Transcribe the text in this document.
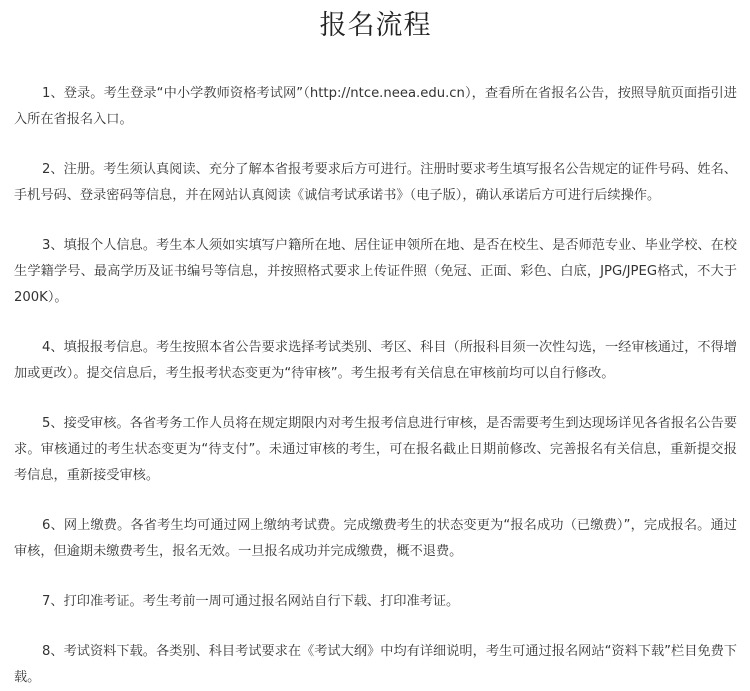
报名流程

1、登录。考生登录“中小学教师资格考试网”（http://ntce.neea.edu.cn），查看所在省报名公告，按照导航页面指引进入所在省报名入口。

2、注册。考生须认真阅读、充分了解本省报考要求后方可进行。注册时要求考生填写报名公告规定的证件号码、姓名、手机号码、登录密码等信息，并在网站认真阅读《诚信考试承诺书》（电子版），确认承诺后方可进行后续操作。

3、填报个人信息。考生本人须如实填写户籍所在地、居住证申领所在地、是否在校生、是否师范专业、毕业学校、在校生学籍学号、最高学历及证书编号等信息，并按照格式要求上传证件照（免冠、正面、彩色、白底，JPG/JPEG格式，不大于200K）。

4、填报报考信息。考生按照本省公告要求选择考试类别、考区、科目（所报科目须一次性勾选，一经审核通过，不得增加或更改）。提交信息后，考生报考状态变更为“待审核”。考生报考有关信息在审核前均可以自行修改。

5、接受审核。各省考务工作人员将在规定期限内对考生报考信息进行审核，是否需要考生到达现场详见各省报名公告要求。审核通过的考生状态变更为“待支付”。未通过审核的考生，可在报名截止日期前修改、完善报名有关信息，重新提交报考信息，重新接受审核。

6、网上缴费。各省考生均可通过网上缴纳考试费。完成缴费考生的状态变更为“报名成功（已缴费）”，完成报名。通过审核，但逾期未缴费考生，报名无效。一旦报名成功并完成缴费，概不退费。

7、打印准考证。考生考前一周可通过报名网站自行下载、打印准考证。

8、考试资料下载。各类别、科目考试要求在《考试大纲》中均有详细说明，考生可通过报名网站“资料下载”栏目免费下载。
